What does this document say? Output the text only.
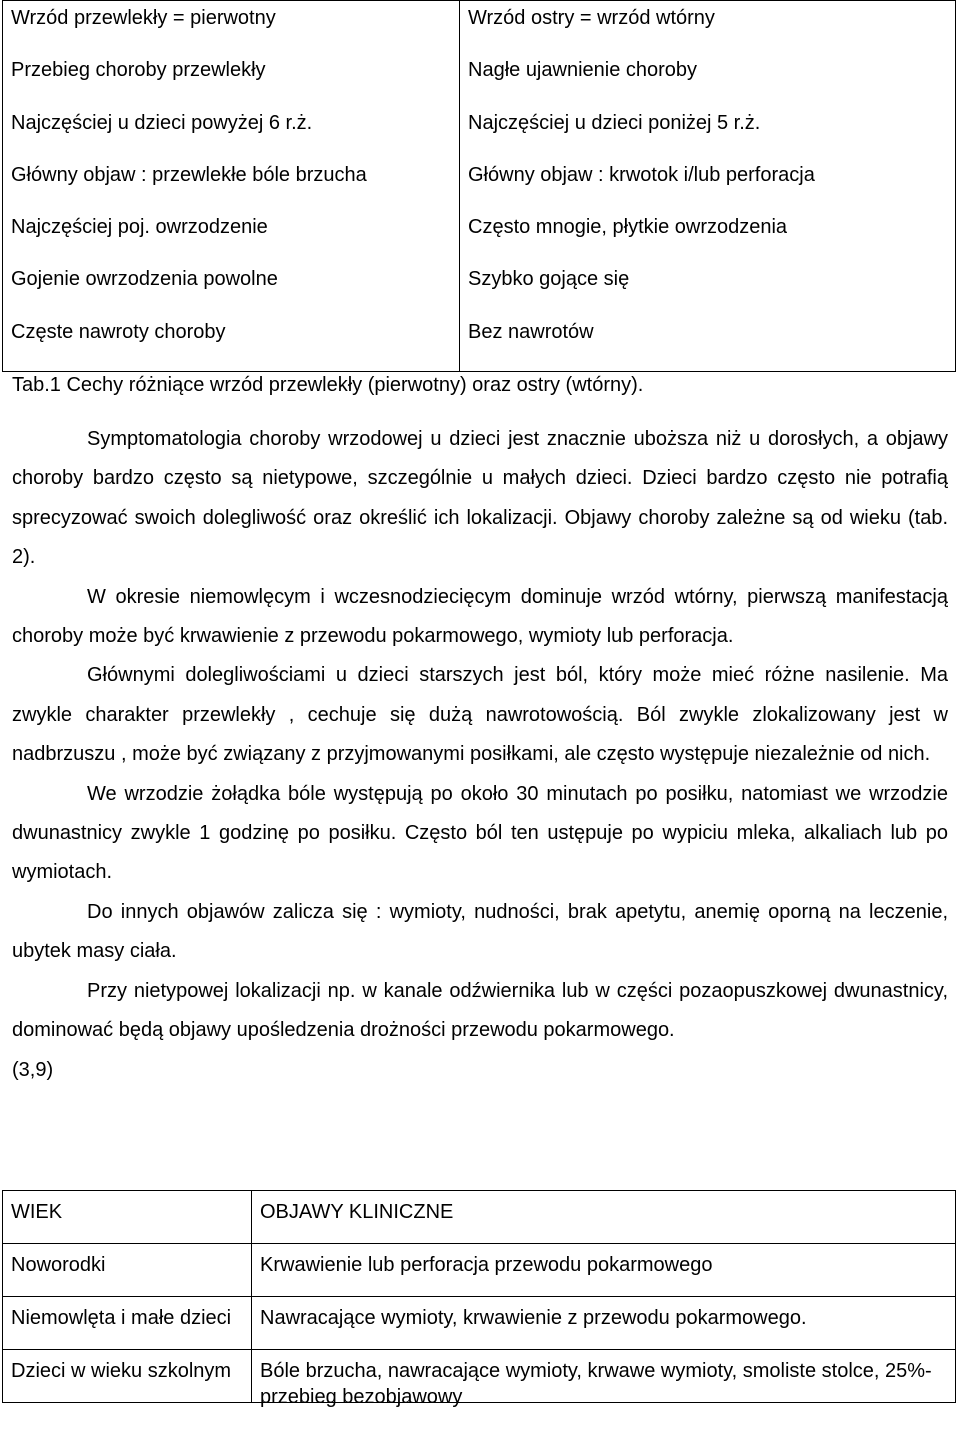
Wrzód przewlekły = pierwotny
Przebieg choroby przewlekły
Najczęściej u dzieci powyżej 6 r.ż.
Główny objaw : przewlekłe bóle brzucha
Najczęściej poj. owrzodzenie
Gojenie owrzodzenia powolne
Częste nawroty choroby

Wrzód ostry = wrzód wtórny
Nagłe ujawnienie choroby
Najczęściej u dzieci poniżej 5 r.ż.
Główny objaw : krwotok i/lub perforacja
Często mnogie, płytkie owrzodzenia
Szybko gojące się
Bez nawrotów
Tab.1 Cechy różniące wrzód przewlekły (pierwotny) oraz ostry (wtórny).

Symptomatologia choroby wrzodowej u dzieci jest znacznie uboższa niż u dorosłych, a objawy choroby bardzo często są nietypowe, szczególnie u małych dzieci. Dzieci bardzo często nie potrafią sprecyzować swoich dolegliwość oraz określić ich lokalizacji. Objawy choroby zależne są od wieku (tab. 2).

W okresie niemowlęcym i wczesnodziecięcym dominuje wrzód wtórny, pierwszą manifestacją choroby może być krwawienie z przewodu pokarmowego, wymioty lub perforacja.

Głównymi dolegliwościami u dzieci starszych jest ból, który może mieć różne nasilenie. Ma zwykle charakter przewlekły , cechuje się dużą nawrotowością. Ból zwykle zlokalizowany jest w nadbrzuszu , może być związany z przyjmowanymi posiłkami, ale często występuje niezależnie od nich.

We wrzodzie żołądka bóle występują po około 30 minutach po posiłku, natomiast we wrzodzie dwunastnicy zwykle 1 godzinę po posiłku. Często ból ten ustępuje po wypiciu mleka, alkaliach lub po wymiotach.

Do innych objawów zalicza się : wymioty, nudności, brak apetytu, anemię oporną na leczenie, ubytek masy ciała.

Przy nietypowej lokalizacji np. w kanale odźwiernika lub w części pozaopuszkowej dwunastnicy, dominować będą objawy upośledzenia drożności przewodu pokarmowego.

(3,9)

WIEK	OBJAWY KLINICZNE

Noworodki	Krwawienie lub perforacja przewodu pokarmowego

Niemowlęta i małe dzieci	Nawracające wymioty, krwawienie z przewodu pokarmowego.

Dzieci w wieku szkolnym	Bóle brzucha, nawracające wymioty, krwawe wymioty, smoliste stolce, 25%- przebieg bezobjawowy
